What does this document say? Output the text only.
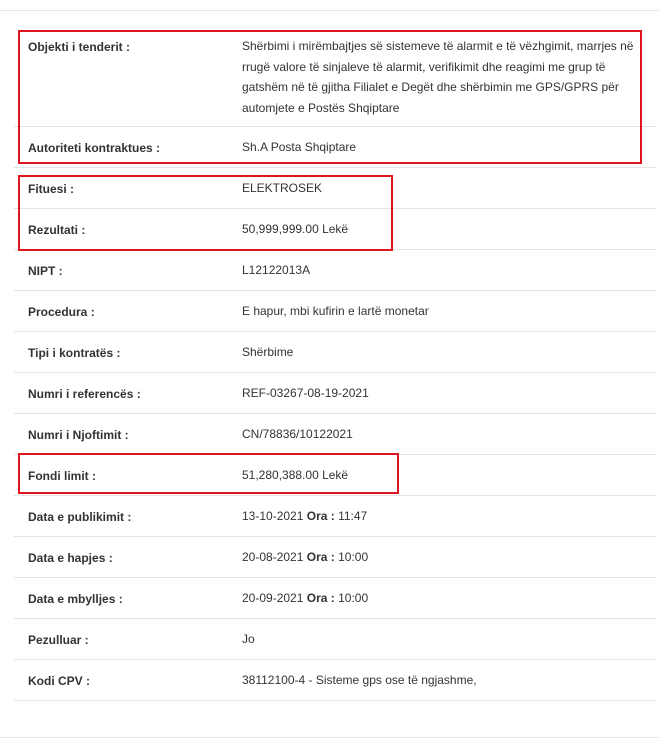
Objekti i tenderit :	Shërbimi i mirëmbajtjes së sistemeve të alarmit e të vëzhgimit, marrjes në rrugë valore të sinjaleve të alarmit, verifikimit dhe reagimi me grup të gatshëm në të gjitha Filialet e Degët dhe shërbimin me GPS/GPRS për automjete e Postës Shqiptare
Autoriteti kontraktues :	Sh.A Posta Shqiptare
Fituesi :	ELEKTROSEK
Rezultati :	50,999,999.00 Lekë
NIPT :	L12122013A
Procedura :	E hapur, mbi kufirin e lartë monetar
Tipi i kontratës :	Shërbime
Numri i referencës :	REF-03267-08-19-2021
Numri i Njoftimit :	CN/78836/10122021
Fondi limit :	51,280,388.00 Lekë
Data e publikimit :	13-10-2021 Ora : 11:47
Data e hapjes :	20-08-2021 Ora : 10:00
Data e mbylljes :	20-09-2021 Ora : 10:00
Pezulluar :	Jo
Kodi CPV :	38112100-4 - Sisteme gps ose të ngjashme,
